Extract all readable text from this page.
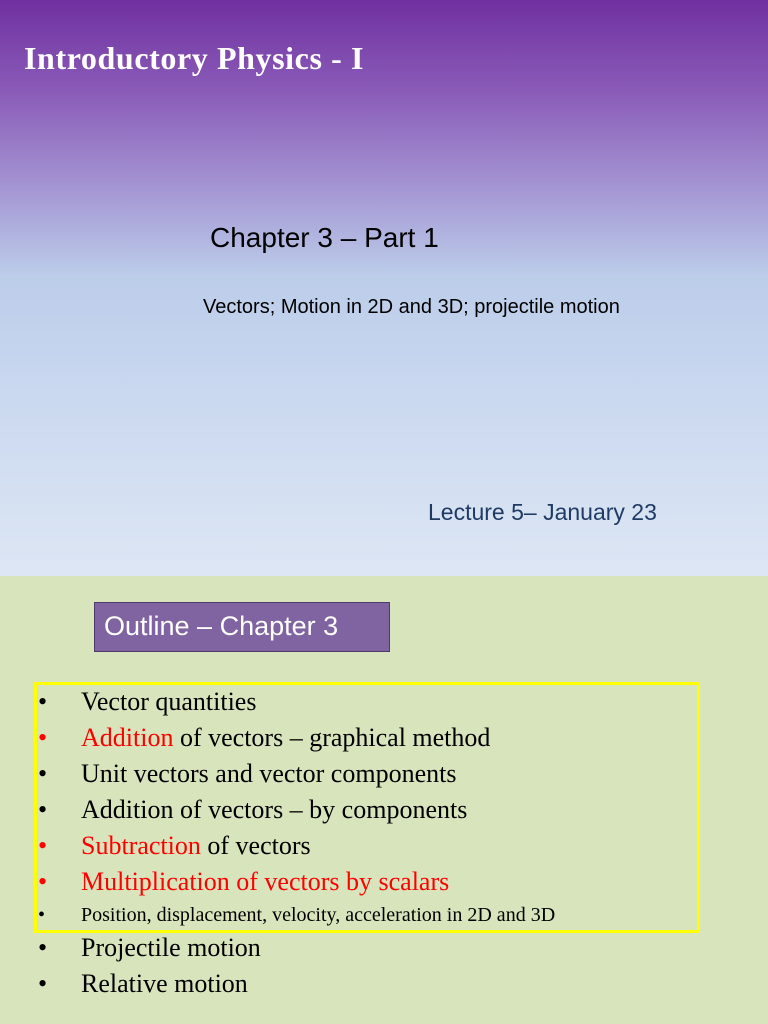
Introductory Physics - I
Chapter 3 – Part 1
Vectors; Motion in 2D and 3D; projectile motion
Lecture 5– January 23
Outline – Chapter 3
•	Vector quantities
•	Addition of vectors – graphical method
•	Unit vectors and vector components
•	Addition of vectors – by components
•	Subtraction of vectors
•	Multiplication of vectors by scalars
•	Position, displacement, velocity, acceleration in 2D and 3D
•	Projectile motion
•	Relative motion
